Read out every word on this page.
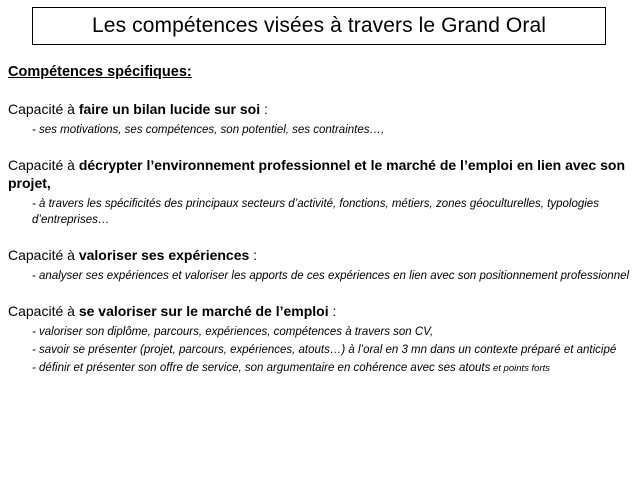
Les compétences visées à travers le Grand Oral
Compétences spécifiques:
Capacité à faire un bilan lucide sur soi :
- ses motivations, ses compétences, son potentiel, ses contraintes…,
Capacité à décrypter l’environnement professionnel et le marché de l’emploi en lien avec son projet,
- à travers les spécificités des principaux secteurs d’activité, fonctions, métiers, zones géoculturelles, typologies d’entreprises…
Capacité à valoriser ses expériences :
- analyser ses expériences et valoriser les apports de ces expériences en lien avec son positionnement professionnel
Capacité à se valoriser sur le marché de l’emploi :
- valoriser son diplôme, parcours, expériences, compétences à travers son CV,
- savoir se présenter (projet, parcours, expériences, atouts…) à l’oral en 3 mn dans un contexte préparé et anticipé
- définir et présenter son offre de service, son argumentaire en cohérence avec ses atouts et points forts
